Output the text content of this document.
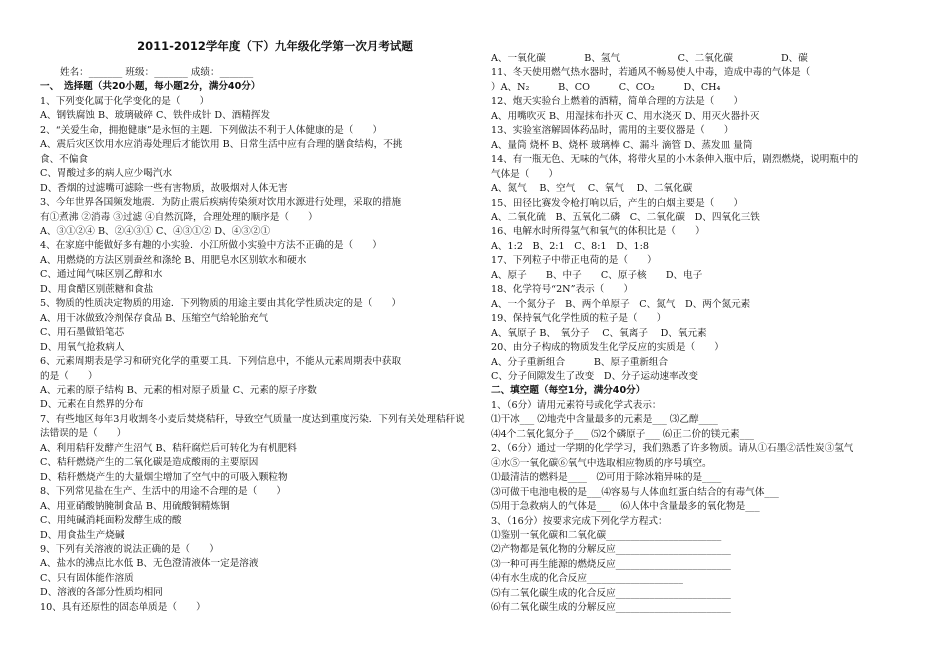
2011-2012学年度（下）九年级化学第一次月考试题
姓名：_______ 班级：_______ 成绩：_______
一、　选择题（共20小题，每小题2分，满分40分）
1、下列变化属于化学变化的是（　　）
A、钢铁腐蚀 B、玻璃破碎 C、铁件成针 D、酒精挥发
2、“关爱生命，拥抱健康”是永恒的主题．下列做法不利于人体健康的是（　　）
A、震后灾区饮用水应消毒处理后才能饮用 B、日常生活中应有合理的膳食结构，不挑
食、不偏食
C、胃酸过多的病人应少喝汽水
D、香烟的过滤嘴可滤除一些有害物质，故吸烟对人体无害
3、今年世界各国频发地震．为防止震后疾病传染须对饮用水源进行处理，采取的措施
有①煮沸 ②消毒 ③过滤 ④自然沉降，合理处理的顺序是（　　）
A、③①②④ B、②④③① C、④③①② D、④③②①
4、在家庭中能做好多有趣的小实验．小江所做小实验中方法不正确的是（　　）
A、用燃烧的方法区别蚕丝和涤纶 B、用肥皂水区别软水和硬水
C、通过闻气味区别乙醇和水
D、用食醋区别蔗糖和食盐
5、物质的性质决定物质的用途．下列物质的用途主要由其化学性质决定的是（　　）
A、用干冰做致冷剂保存食品 B、压缩空气给轮胎充气
C、用石墨做铅笔芯
D、用氧气抢救病人
6、元素周期表是学习和研究化学的重要工具．下列信息中，不能从元素周期表中获取
的是（　　）
A、元素的原子结构 B、元素的相对原子质量 C、元素的原子序数
D、元素在自然界的分布
7、有些地区每年3月收割冬小麦后焚烧秸秆，导致空气质量一度达到重度污染．下列有关处理秸秆说
法错误的是（　　）
A、利用秸秆发酵产生沼气 B、秸秆腐烂后可转化为有机肥料
C、秸秆燃烧产生的二氧化碳是造成酸雨的主要原因
D、秸秆燃烧产生的大量烟尘增加了空气中的可吸入颗粒物
8、下列常见盐在生产、生活中的用途不合理的是（　　）
A、用亚硝酸钠腌制食品 B、用硫酸铜精炼铜
C、用纯碱消耗面粉发酵生成的酸
D、用食盐生产烧碱
9、下列有关溶液的说法正确的是（　　）
A、盐水的沸点比水低 B、无色澄清液体一定是溶液
C、只有固体能作溶质
D、溶液的各部分性质均相同
10、具有还原性的固态单质是（　　）
A、一氧化碳　　　　B、氢气　　　　　　C、二氧化碳　　　　　D、碳
11、冬天使用燃气热水器时，若通风不畅易使人中毒，造成中毒的气体是（
）A、N₂　　　B、CO　　　C、CO₂　　　D、CH₄
12、炮天实验台上燃着的酒精，简单合理的方法是（　　）
A、用嘴吹灭 B、用湿抹布扑灭 C、用水浇灭 D、用灭火器扑灭
13、实验室溶解固体药品时，需用的主要仪器是（　　）
A、量筒 烧杯 B、烧杯 玻璃棒 C、漏斗 滴管 D、蒸发皿 量筒
14、有一瓶无色、无味的气体，将带火星的小木条伸入瓶中后，剧烈燃烧，说明瓶中的
气体是（　　）
A、氮气　 B、空气　 C、氧气　 D、二氧化碳
15、田径比赛发令枪打响以后，产生的白烟主要是（　　）
A、二氧化硫　B、五氧化二磷　C、二氧化碳　D、四氧化三铁
16、电解水时所得氢气和氧气的体积比是（　　）
A、1:2　B、2:1　C、8:1　D、1:8
17、下列粒子中带正电荷的是（　　）
A、原子　　B、中子　　C、原子核　　D、电子
18、化学符号“2N”表示（　　）
A、一个氮分子　B、两个单原子　C、氮气　D、两个氮元素
19、保持氧气化学性质的粒子是（　　）
A、氧原子 B、　氧分子　 C、氧离子　 D、氧元素
20、由分子构成的物质发生化学反应的实质是（　　）
A、分子重新组合　　　B、原子重新组合
C、分子间隙发生了改变　D、分子运动速率改变
二、填空题（每空1分，满分40分）
1、（6分）请用元素符号或化学式表示：
⑴干冰___ ⑵地壳中含量最多的元素是___ ⑶乙醇____
⑷4个二氧化氮分子___ ⑸2个磷原子___ ⑹正二价的镁元素___
2、（6分）通过一学期的化学学习，我们熟悉了许多物质。请从①石墨②活性炭③氢气
④水⑤一氧化碳⑥氧气中选取相应物质的序号填空。
⑴最清洁的燃料是____　⑵可用于除冰箱异味的是____
⑶可做干电池电极的是___⑷容易与人体血红蛋白结合的有毒气体___
⑸用于急救病人的气体是___　⑹人体中含量最多的氧化物是___
3、（16分）按要求完成下列化学方程式：
⑴鉴别一氧化碳和二氧化碳________________________
⑵产物都是氧化物的分解反应________________________
⑶一种可再生能源的燃烧反应________________________
⑷有水生成的化合反应____________________
⑸有二氧化碳生成的化合反应________________________
⑹有二氧化碳生成的分解反应________________________
